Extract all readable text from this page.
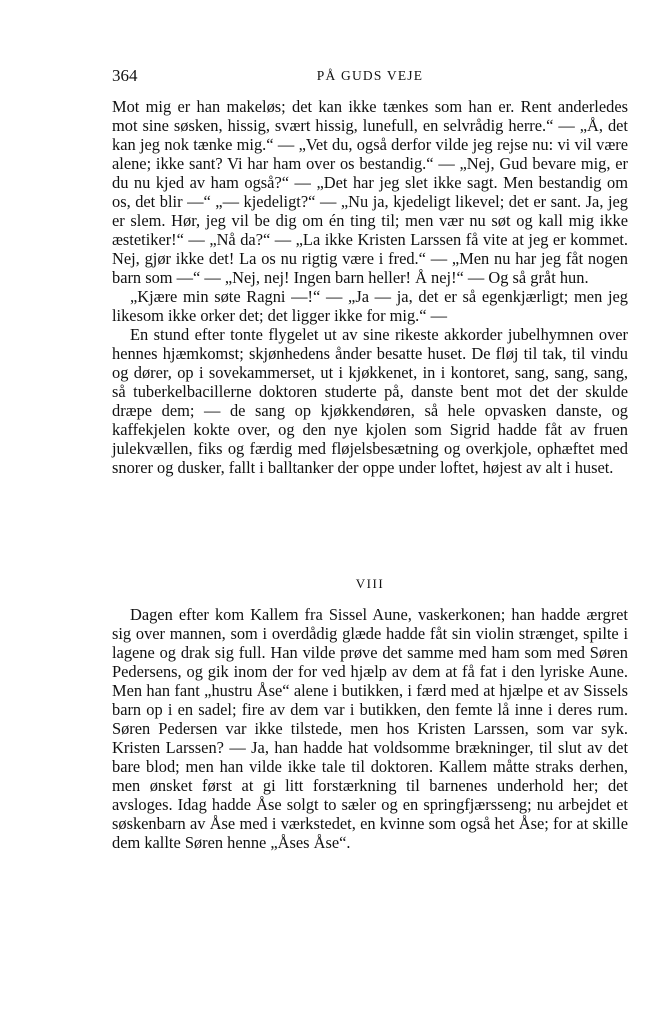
364	PÅ GUDS VEJE

Mot mig er han makeløs; det kan ikke tænkes som han er. Rent anderledes mot sine søsken, hissig, svært hissig, lunefull, en selvrådig herre.“ — „Å, det kan jeg nok tænke mig.“ — „Vet du, også derfor vilde jeg rejse nu: vi vil være alene; ikke sant? Vi har ham over os bestandig.“ — „Nej, Gud bevare mig, er du nu kjed av ham også?“ — „Det har jeg slet ikke sagt. Men bestandig om os, det blir —“ „— kjedeligt?“ — „Nu ja, kjedeligt likevel; det er sant. Ja, jeg er slem. Hør, jeg vil be dig om én ting til; men vær nu søt og kall mig ikke æstetiker!“ — „Nå da?“ — „La ikke Kristen Larssen få vite at jeg er kommet. Nej, gjør ikke det! La os nu rigtig være i fred.“ — „Men nu har jeg fåt nogen barn som —“ — „Nej, nej! Ingen barn heller! Å nej!“ — Og så gråt hun.

„Kjære min søte Ragni —!“ — „Ja — ja, det er så egenkjærligt; men jeg likesom ikke orker det; det ligger ikke for mig.“ —

En stund efter tonte flygelet ut av sine rikeste akkorder jubelhymnen over hennes hjæmkomst; skjønhedens ånder besatte huset. De fløj til tak, til vindu og dører, op i sovekammerset, ut i kjøkkenet, in i kontoret, sang, sang, sang, så tuberkelbacillerne doktoren studerte på, danste bent mot det der skulde dræpe dem; — de sang op kjøkkendøren, så hele opvasken danste, og kaffekjelen kokte over, og den nye kjolen som Sigrid hadde fåt av fruen julekvællen, fiks og færdig med fløjelsbesætning og overkjole, ophæftet med snorer og dusker, fallt i balltanker der oppe under loftet, højest av alt i huset.

VIII

Dagen efter kom Kallem fra Sissel Aune, vaskerkonen; han hadde ærgret sig over mannen, som i overdådig glæde hadde fåt sin violin strænget, spilte i lagene og drak sig full. Han vilde prøve det samme med ham som med Søren Pedersens, og gik inom der for ved hjælp av dem at få fat i den lyriske Aune. Men han fant „hustru Åse“ alene i butikken, i færd med at hjælpe et av Sissels barn op i en sadel; fire av dem var i butikken, den femte lå inne i deres rum. Søren Pedersen var ikke tilstede, men hos Kristen Larssen, som var syk. Kristen Larssen? — Ja, han hadde hat voldsomme brækninger, til slut av det bare blod; men han vilde ikke tale til doktoren. Kallem måtte straks derhen, men ønsket først at gi litt forstærkning til barnenes underhold her; det avsloges. Idag hadde Åse solgt to sæler og en springfjærsseng; nu arbejdet et søskenbarn av Åse med i værkstedet, en kvinne som også het Åse; for at skille dem kallte Søren henne „Åses Åse“.
